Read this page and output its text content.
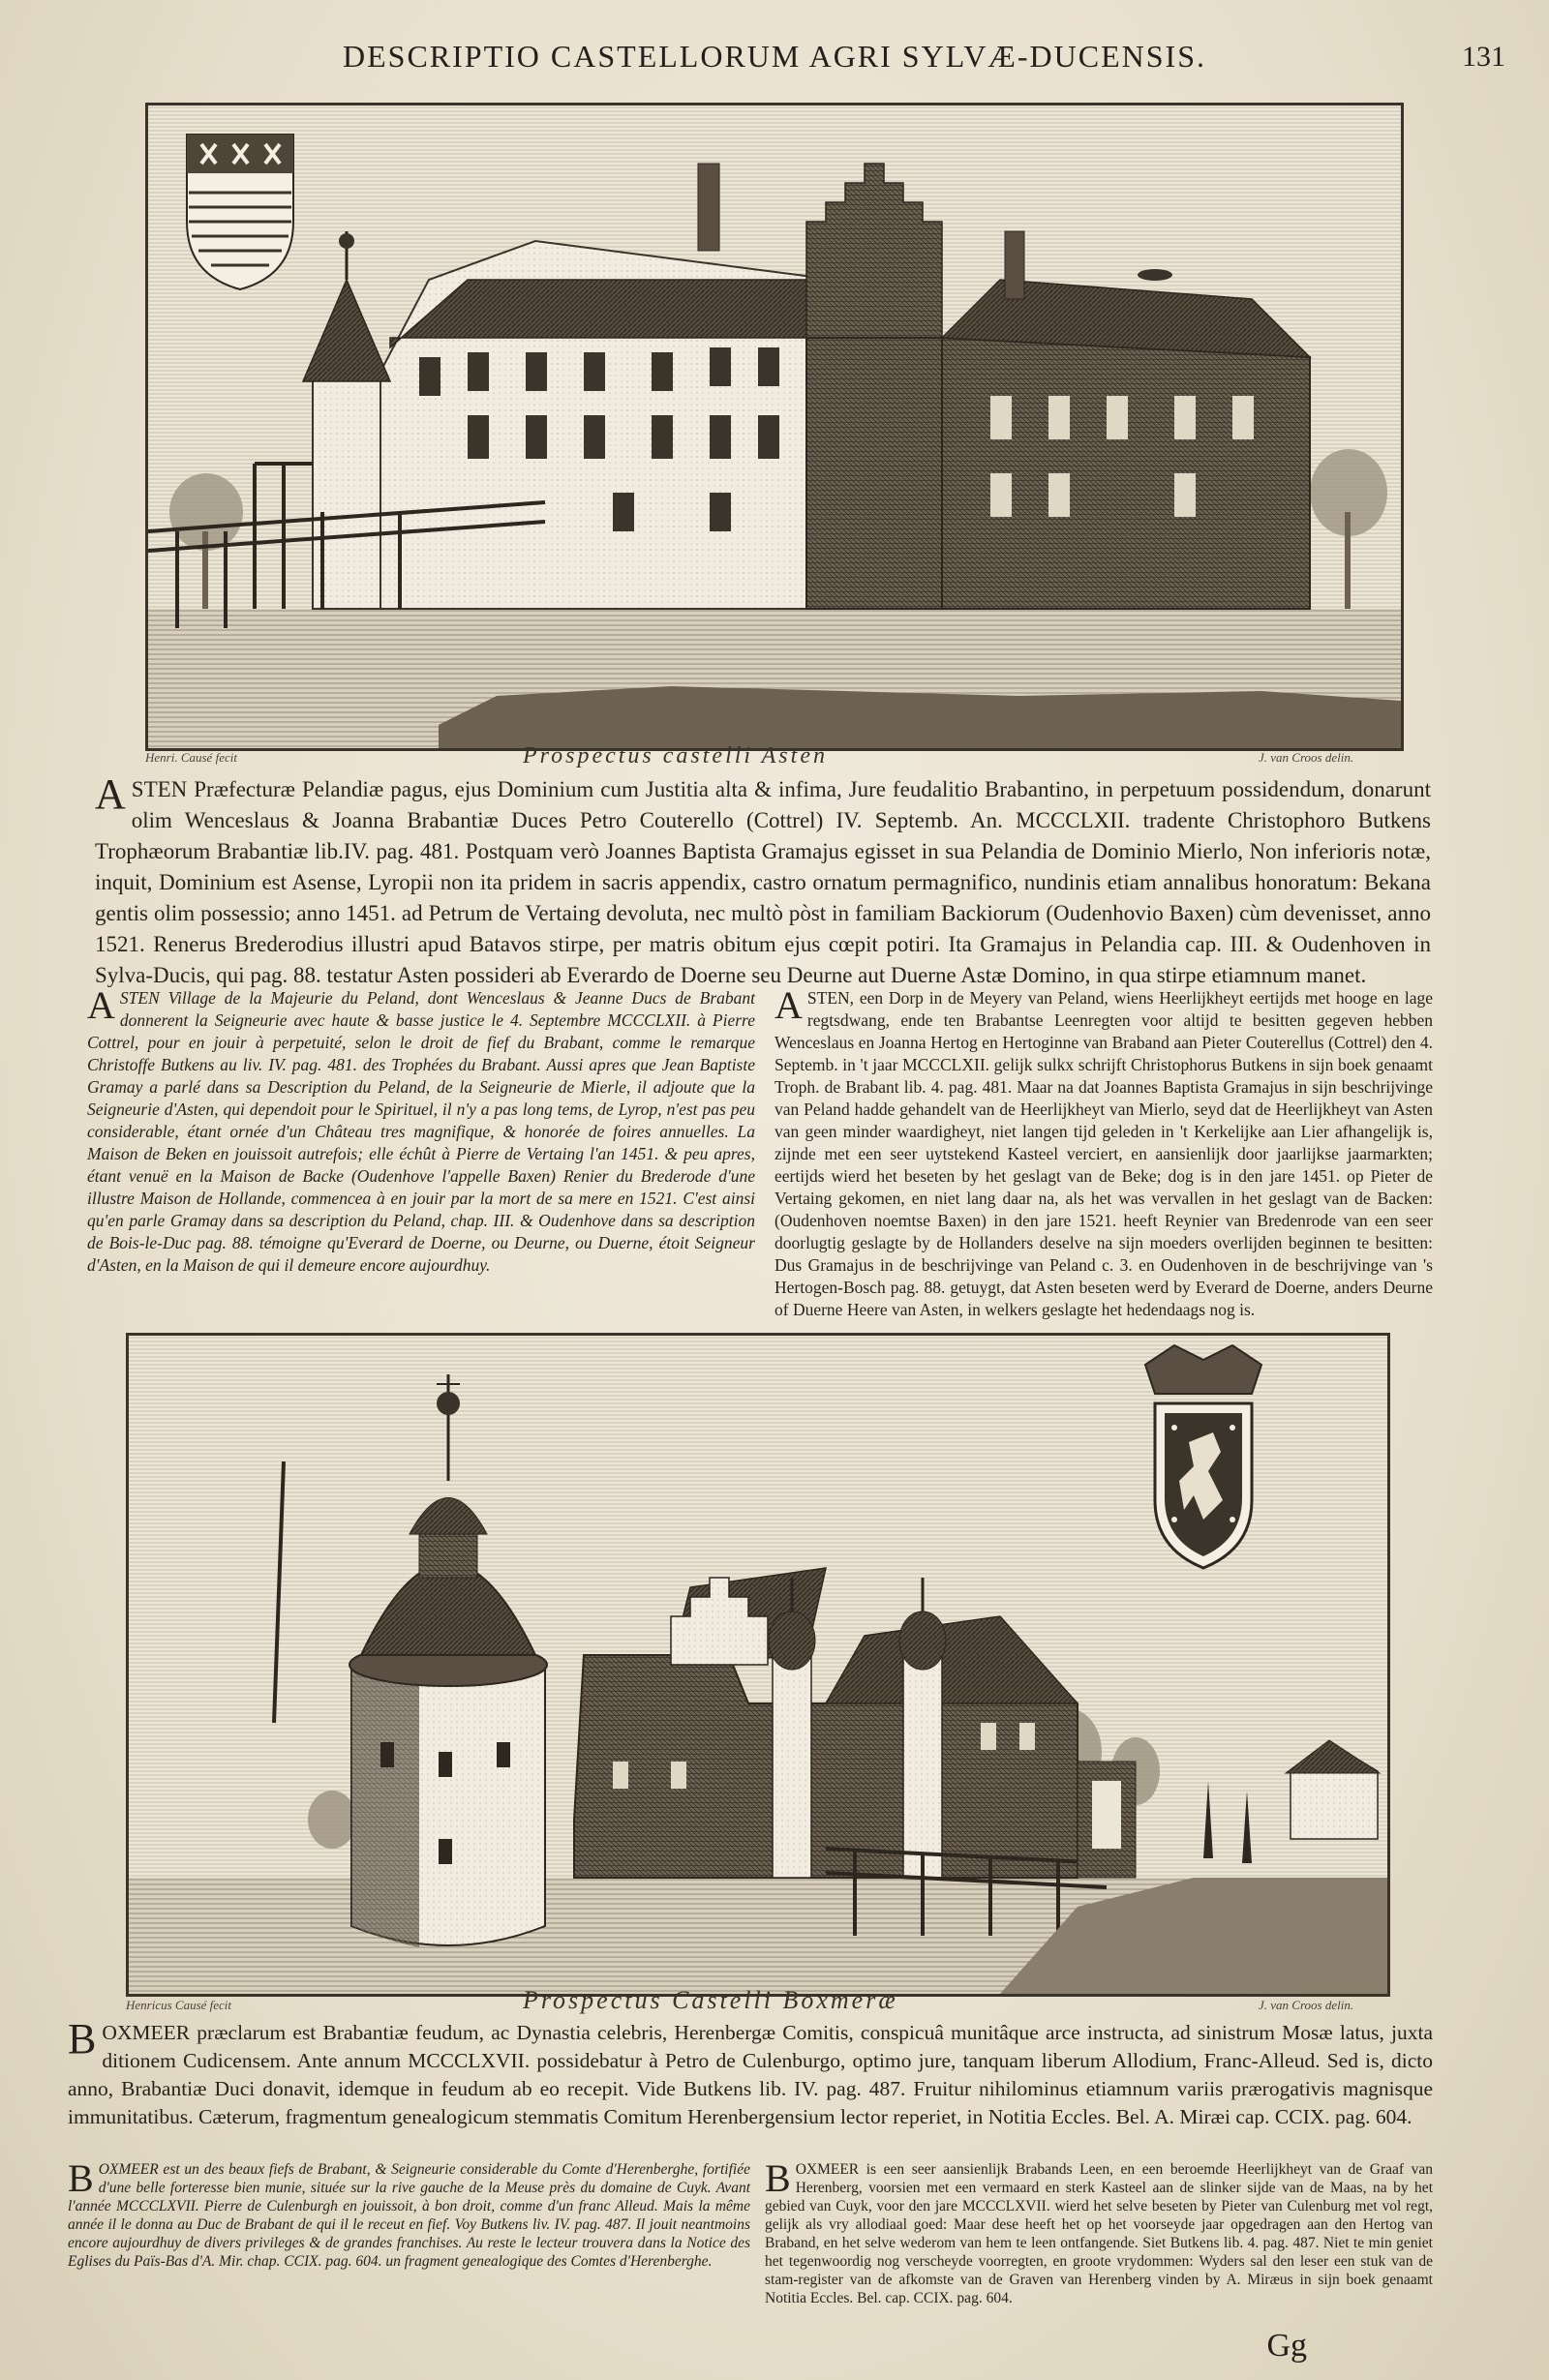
DESCRIPTIO CASTELLORUM AGRI SYLVÆ-DUCENSIS.	131
Henri. Causé fecit	Prospectus castelli Asten	J. van Croos delin.
ASTEN Præfecturæ Pelandiæ pagus, ejus Dominium cum Justitia alta & infima, Jure feudalitio Brabantino, in perpetuum possidendum, donarunt olim Wenceslaus & Joanna Brabantiæ Duces Petro Couterello (Cottrel) IV. Septemb. An. MCCCLXII. tradente Christophoro Butkens Trophæorum Brabantiæ lib.IV. pag. 481. Postquam verò Joannes Baptista Gramajus egisset in sua Pelandia de Dominio Mierlo, Non inferioris notæ, inquit, Dominium est Asense, Lyropii non ita pridem in sacris appendix, castro ornatum permagnifico, nundinis etiam annalibus honoratum: Bekana gentis olim possessio; anno 1451. ad Petrum de Vertaing devoluta, nec multò pòst in familiam Backiorum (Oudenhovio Baxen) cùm devenisset, anno 1521. Renerus Brederodius illustri apud Batavos stirpe, per matris obitum ejus cœpit potiri. Ita Gramajus in Pelandia cap. III. & Oudenhoven in Sylva-Ducis, qui pag. 88. testatur Asten possideri ab Everardo de Doerne seu Deurne aut Duerne Astæ Domino, in qua stirpe etiamnum manet.
ASTEN Village de la Majeurie du Peland, dont Wenceslaus & Jeanne Ducs de Brabant donnerent la Seigneurie avec haute & basse justice le 4. Septembre MCCCLXII. à Pierre Cottrel, pour en jouir à perpetuité, selon le droit de fief du Brabant, comme le remarque Christoffe Butkens au liv. IV. pag. 481. des Trophées du Brabant. Aussi apres que Jean Baptiste Gramay a parlé dans sa Description du Peland, de la Seigneurie de Mierle, il adjoute que la Seigneurie d'Asten, qui dependoit pour le Spirituel, il n'y a pas long tems, de Lyrop, n'est pas peu considerable, étant ornée d'un Château tres magnifique, & honorée de foires annuelles. La Maison de Beken en jouissoit autrefois; elle échût à Pierre de Vertaing l'an 1451. & peu apres, étant venuë en la Maison de Backe (Oudenhove l'appelle Baxen) Renier du Brederode d'une illustre Maison de Hollande, commencea à en jouir par la mort de sa mere en 1521. C'est ainsi qu'en parle Gramay dans sa description du Peland, chap. III. & Oudenhove dans sa description de Bois-le-Duc pag. 88. témoigne qu'Everard de Doerne, ou Deurne, ou Duerne, étoit Seigneur d'Asten, en la Maison de qui il demeure encore aujourdhuy.
ASTEN, een Dorp in de Meyery van Peland, wiens Heerlijkheyt eertijds met hooge en lage regtsdwang, ende ten Brabantse Leenregten voor altijd te besitten gegeven hebben Wenceslaus en Joanna Hertog en Hertoginne van Braband aan Pieter Couterellus (Cottrel) den 4. Septemb. in 't jaar MCCCLXII. gelijk sulkx schrijft Christophorus Butkens in sijn boek genaamt Troph. de Brabant lib. 4. pag. 481. Maar na dat Joannes Baptista Gramajus in sijn beschrijvinge van Peland hadde gehandelt van de Heerlijkheyt van Mierlo, seyd dat de Heerlijkheyt van Asten van geen minder waardigheyt, niet langen tijd geleden in 't Kerkelijke aan Lier afhangelijk is, zijnde met een seer uytstekend Kasteel verciert, en aansienlijk door jaarlijkse jaarmarkten; eertijds wierd het beseten by het geslagt van de Beke; dog is in den jare 1451. op Pieter de Vertaing gekomen, en niet lang daar na, als het was vervallen in het geslagt van de Backen: (Oudenhoven noemtse Baxen) in den jare 1521. heeft Reynier van Bredenrode van een seer doorlugtig geslagte by de Hollanders deselve na sijn moeders overlijden beginnen te besitten: Dus Gramajus in de beschrijvinge van Peland c. 3. en Oudenhoven in de beschrijvinge van 's Hertogen-Bosch pag. 88. getuygt, dat Asten beseten werd by Everard de Doerne, anders Deurne of Duerne Heere van Asten, in welkers geslagte het hedendaags nog is.
Henricus Causé fecit	Prospectus Castelli Boxmeræ	J. van Croos delin.
BOXMEER præclarum est Brabantiæ feudum, ac Dynastia celebris, Herenbergæ Comitis, conspicuâ munitâque arce instructa, ad sinistrum Mosæ latus, juxta ditionem Cudicensem. Ante annum MCCCLXVII. possidebatur à Petro de Culenburgo, optimo jure, tanquam liberum Allodium, Franc-Alleud. Sed is, dicto anno, Brabantiæ Duci donavit, idemque in feudum ab eo recepit. Vide Butkens lib. IV. pag. 487. Fruitur nihilominus etiamnum variis prærogativis magnisque immunitatibus. Cæterum, fragmentum genealogicum stemmatis Comitum Herenbergensium lector reperiet, in Notitia Eccles. Bel. A. Miræi cap. CCIX. pag. 604.
BOXMEER est un des beaux fiefs de Brabant, & Seigneurie considerable du Comte d'Herenberghe, fortifiée d'une belle forteresse bien munie, située sur la rive gauche de la Meuse près du domaine de Cuyk. Avant l'année MCCCLXVII. Pierre de Culenburgh en jouissoit, à bon droit, comme d'un franc Alleud. Mais la même année il le donna au Duc de Brabant de qui il le receut en fief. Voy Butkens liv. IV. pag. 487. Il jouit neantmoins encore aujourdhuy de divers privileges & de grandes franchises. Au reste le lecteur trouvera dans la Notice des Eglises du Païs-Bas d'A. Mir. chap. CCIX. pag. 604. un fragment genealogique des Comtes d'Herenberghe.
BOXMEER is een seer aansienlijk Brabands Leen, en een beroemde Heerlijkheyt van de Graaf van Herenberg, voorsien met een vermaard en sterk Kasteel aan de slinker sijde van de Maas, na by het gebied van Cuyk, voor den jare MCCCLXVII. wierd het selve beseten by Pieter van Culenburg met vol regt, gelijk als vry allodiaal goed: Maar dese heeft het op het voorseyde jaar opgedragen aan den Hertog van Braband, en het selve wederom van hem te leen ontfangende. Siet Butkens lib. 4. pag. 487. Niet te min geniet het tegenwoordig nog verscheyde voorregten, en groote vrydommen: Wyders sal den leser een stuk van de stam-register van de afkomste van de Graven van Herenberg vinden by A. Miræus in sijn boek genaamt Notitia Eccles. Bel. cap. CCIX. pag. 604.
Gg
